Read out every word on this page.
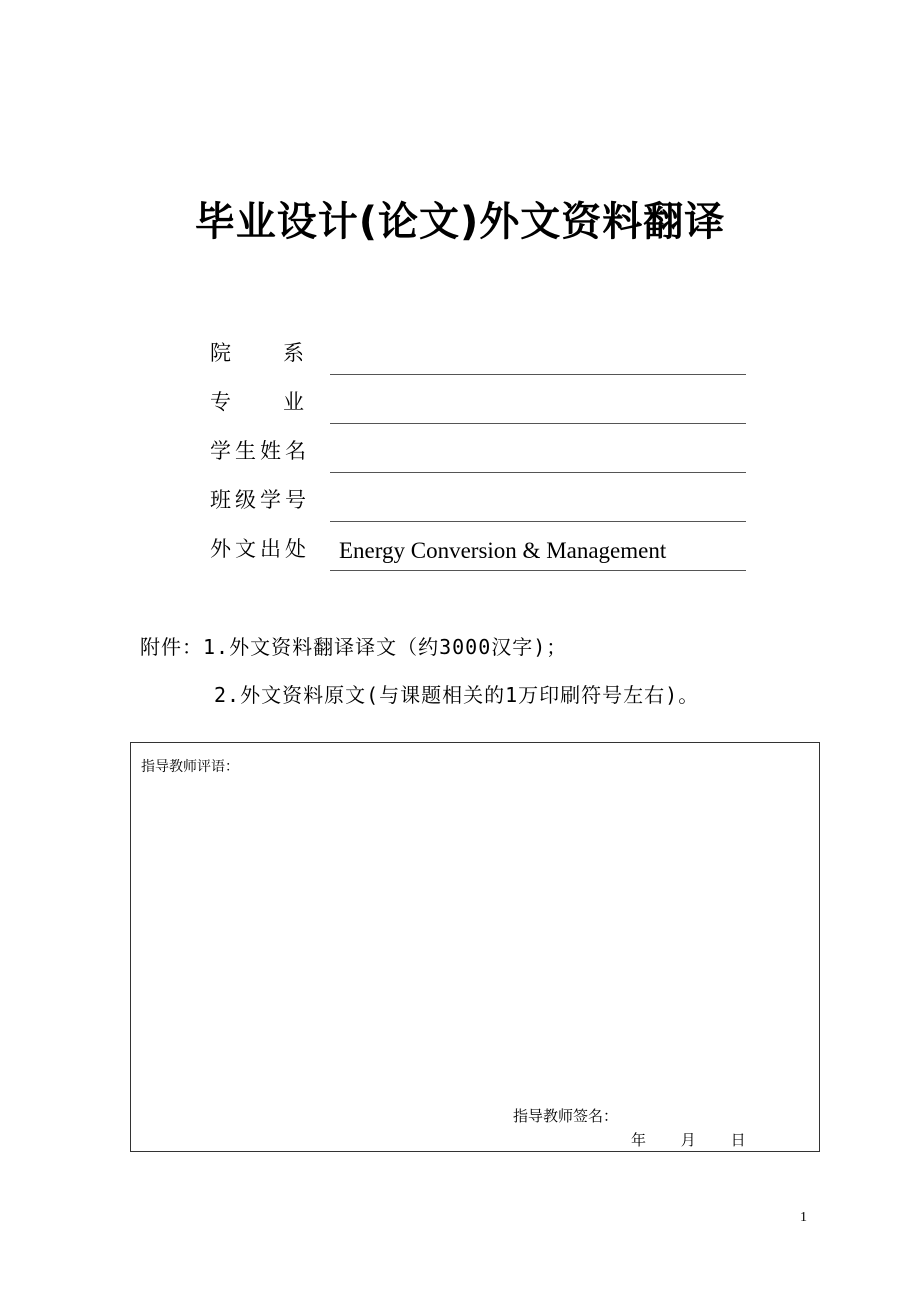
毕业设计(论文)外文资料翻译
院 系
专 业
学 生 姓 名
班 级 学 号
外 文 出 处 Energy Conversion & Management
附件：1.外文资料翻译译文（约3000汉字)；
2.外文资料原文(与课题相关的1万印刷符号左右)。
指导教师评语：
指导教师签名：
年 月 日
1
